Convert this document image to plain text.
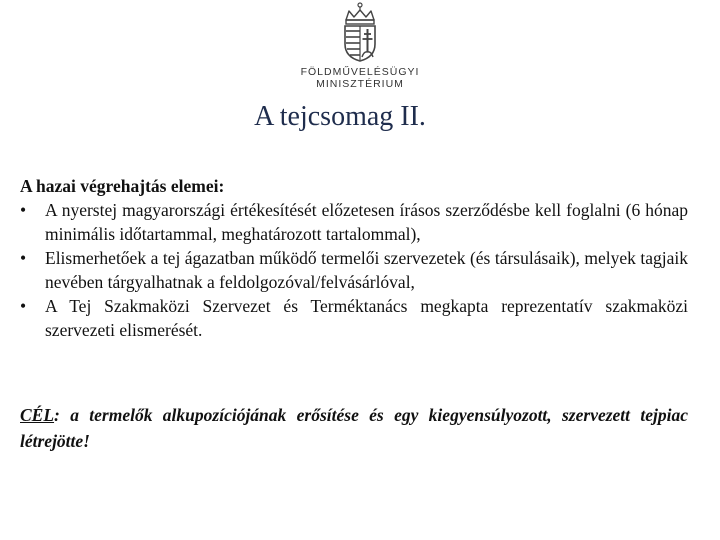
FÖLDMŰVELÉSÜGYI
MINISZTÉRIUM
A tejcsomag II.

A hazai végrehajtás elemei:

• A nyerstej magyarországi értékesítését előzetesen írásos szerződésbe kell foglalni (6 hónap minimális időtartammal, meghatározott tartalommal),
• Elismerhetőek a tej ágazatban működő termelői szervezetek (és társulásaik), melyek tagjaik nevében tárgyalhatnak a feldolgozóval/felvásárlóval,
• A Tej Szakmaközi Szervezet és Terméktanács megkapta reprezentatív szakmaközi szervezeti elismerését.

CÉL: a termelők alkupozíciójának erősítése és egy kiegyensúlyozott, szervezett tejpiac létrejötte!
